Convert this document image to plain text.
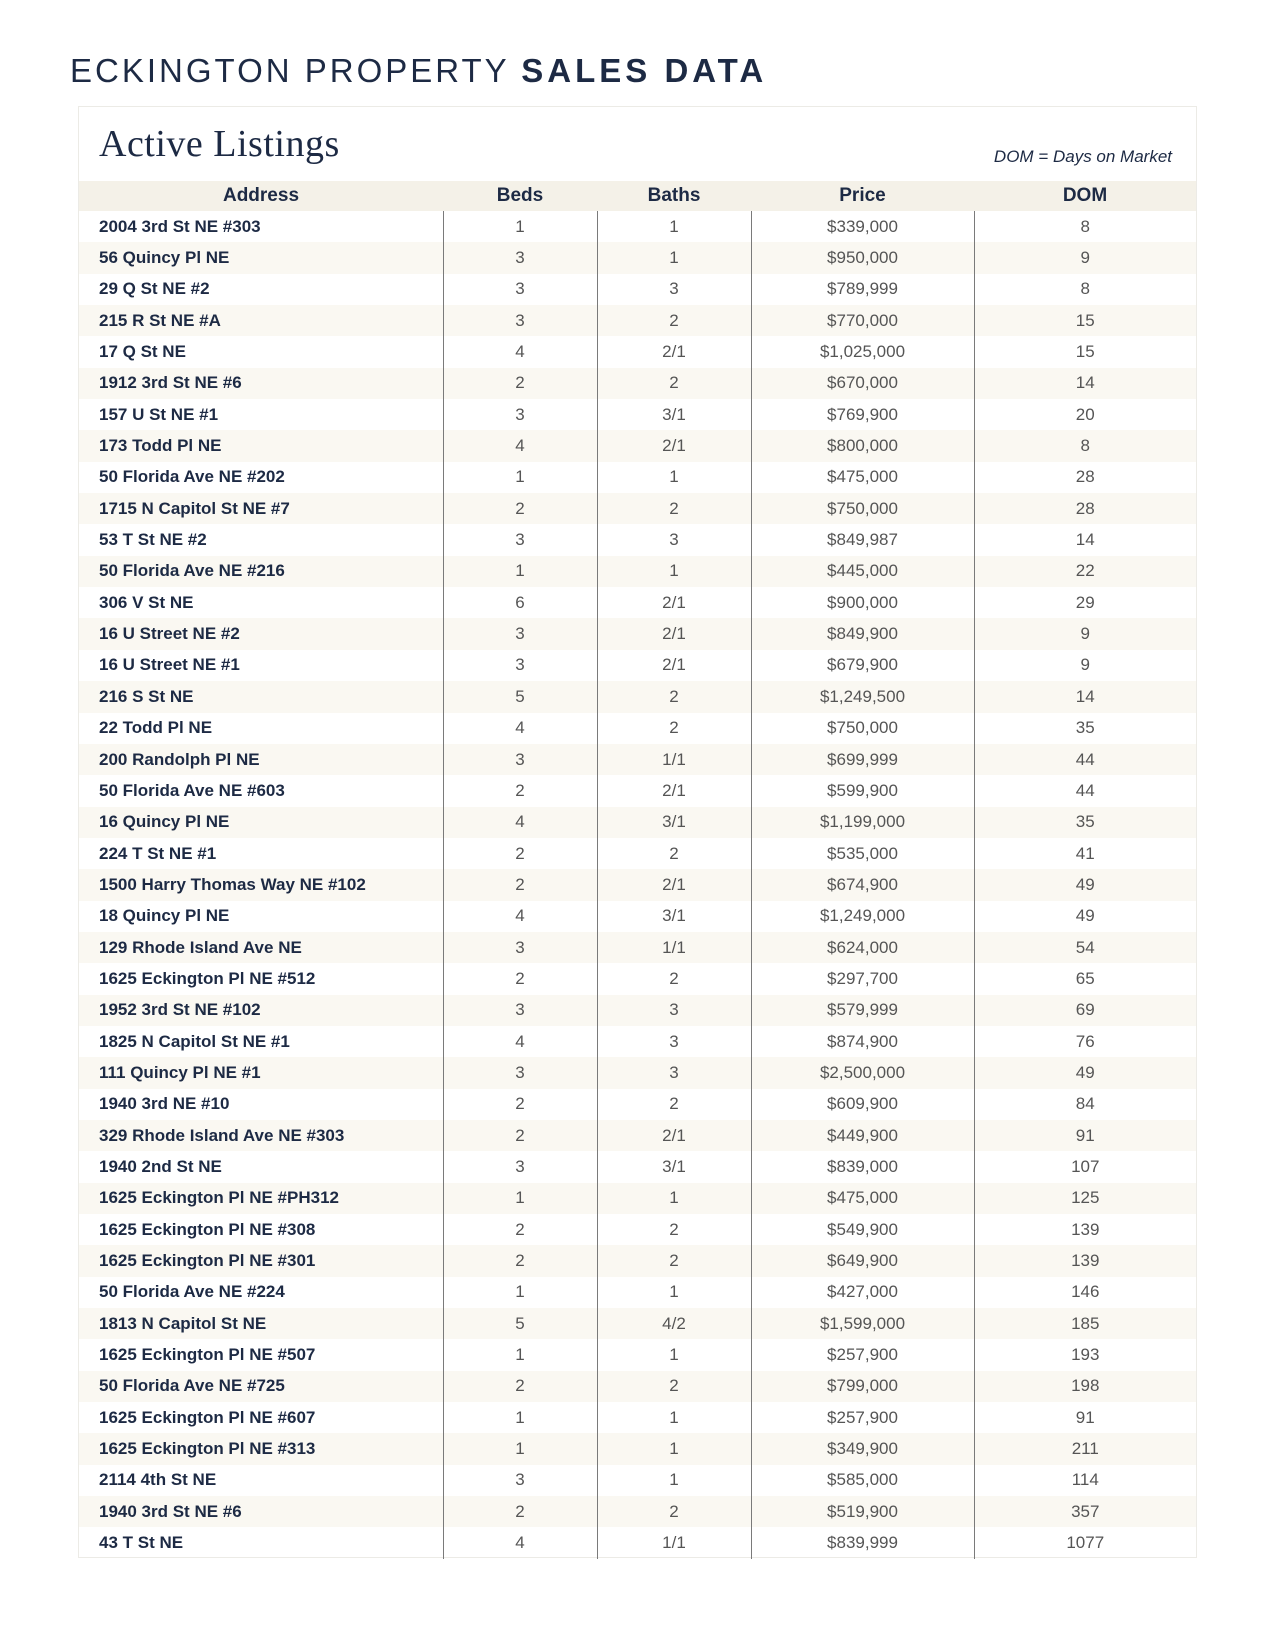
ECKINGTON PROPERTY SALES DATA
Active Listings	DOM = Days on Market
Address	Beds	Baths	Price	DOM
2004 3rd St NE #303	1	1	$339,000	8
56 Quincy Pl NE	3	1	$950,000	9
29 Q St NE #2	3	3	$789,999	8
215 R St NE #A	3	2	$770,000	15
17 Q St NE	4	2/1	$1,025,000	15
1912 3rd St NE #6	2	2	$670,000	14
157 U St NE #1	3	3/1	$769,900	20
173 Todd Pl NE	4	2/1	$800,000	8
50 Florida Ave NE #202	1	1	$475,000	28
1715 N Capitol St NE #7	2	2	$750,000	28
53 T St NE #2	3	3	$849,987	14
50 Florida Ave NE #216	1	1	$445,000	22
306 V St NE	6	2/1	$900,000	29
16 U Street NE #2	3	2/1	$849,900	9
16 U Street NE #1	3	2/1	$679,900	9
216 S St NE	5	2	$1,249,500	14
22 Todd Pl NE	4	2	$750,000	35
200 Randolph Pl NE	3	1/1	$699,999	44
50 Florida Ave NE #603	2	2/1	$599,900	44
16 Quincy Pl NE	4	3/1	$1,199,000	35
224 T St NE #1	2	2	$535,000	41
1500 Harry Thomas Way NE #102	2	2/1	$674,900	49
18 Quincy Pl NE	4	3/1	$1,249,000	49
129 Rhode Island Ave NE	3	1/1	$624,000	54
1625 Eckington Pl NE #512	2	2	$297,700	65
1952 3rd St NE #102	3	3	$579,999	69
1825 N Capitol St NE #1	4	3	$874,900	76
111 Quincy Pl NE #1	3	3	$2,500,000	49
1940 3rd NE #10	2	2	$609,900	84
329 Rhode Island Ave NE #303	2	2/1	$449,900	91
1940 2nd St NE	3	3/1	$839,000	107
1625 Eckington Pl NE #PH312	1	1	$475,000	125
1625 Eckington Pl NE #308	2	2	$549,900	139
1625 Eckington Pl NE #301	2	2	$649,900	139
50 Florida Ave NE #224	1	1	$427,000	146
1813 N Capitol St NE	5	4/2	$1,599,000	185
1625 Eckington Pl NE #507	1	1	$257,900	193
50 Florida Ave NE #725	2	2	$799,000	198
1625 Eckington Pl NE #607	1	1	$257,900	91
1625 Eckington Pl NE #313	1	1	$349,900	211
2114 4th St NE	3	1	$585,000	114
1940 3rd St NE #6	2	2	$519,900	357
43 T St NE	4	1/1	$839,999	1077
